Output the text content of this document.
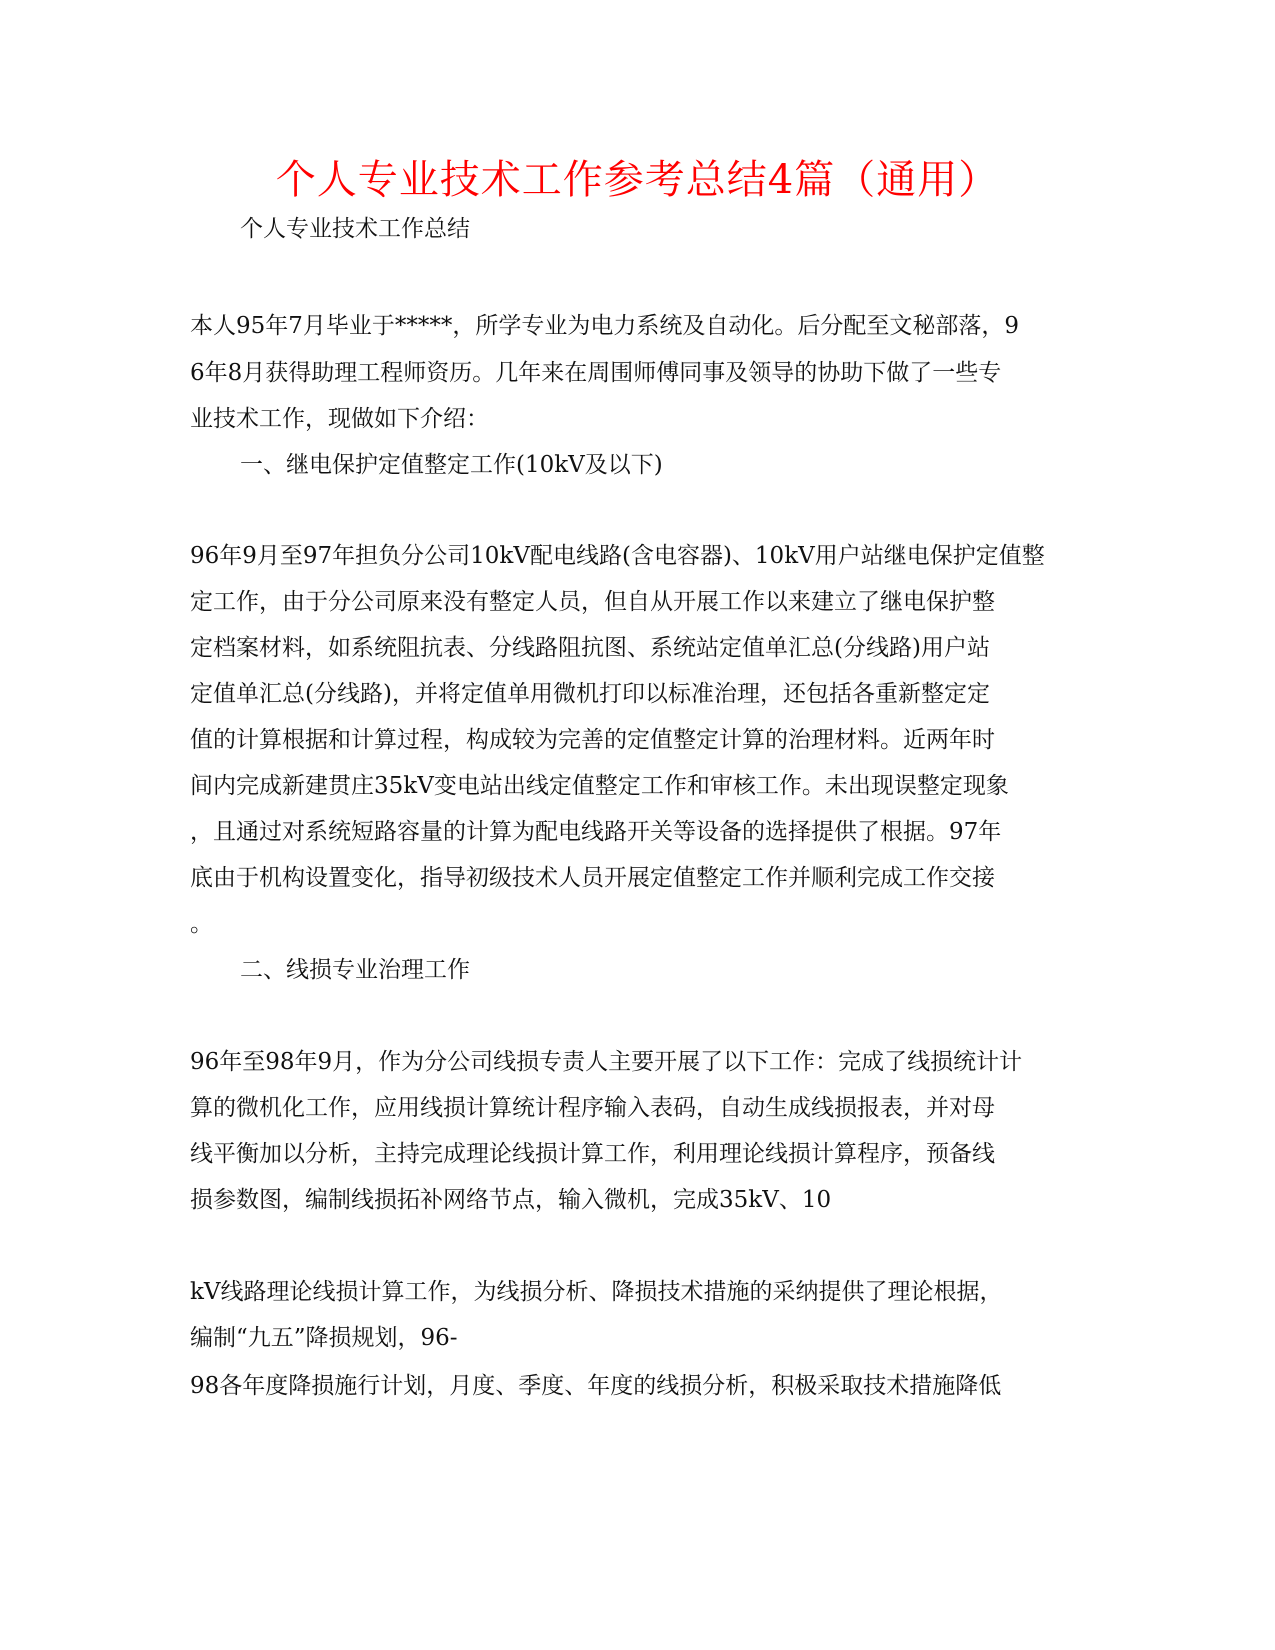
个人专业技术工作参考总结4篇（通用）
个人专业技术工作总结
本人95年7月毕业于*****，所学专业为电力系统及自动化。后分配至文秘部落，9
6年8月获得助理工程师资历。几年来在周围师傅同事及领导的协助下做了一些专
业技术工作，现做如下介绍：
一、继电保护定值整定工作(10kV及以下)
96年9月至97年担负分公司10kV配电线路(含电容器)、10kV用户站继电保护定值整
定工作，由于分公司原来没有整定人员，但自从开展工作以来建立了继电保护整
定档案材料，如系统阻抗表、分线路阻抗图、系统站定值单汇总(分线路)用户站
定值单汇总(分线路)，并将定值单用微机打印以标准治理，还包括各重新整定定
值的计算根据和计算过程，构成较为完善的定值整定计算的治理材料。近两年时
间内完成新建贯庄35kV变电站出线定值整定工作和审核工作。未出现误整定现象
，且通过对系统短路容量的计算为配电线路开关等设备的选择提供了根据。97年
底由于机构设置变化，指导初级技术人员开展定值整定工作并顺利完成工作交接
。
二、线损专业治理工作
96年至98年9月，作为分公司线损专责人主要开展了以下工作：完成了线损统计计
算的微机化工作，应用线损计算统计程序输入表码，自动生成线损报表，并对母
线平衡加以分析，主持完成理论线损计算工作，利用理论线损计算程序，预备线
损参数图，编制线损拓补网络节点，输入微机，完成35kV、10
kV线路理论线损计算工作，为线损分析、降损技术措施的采纳提供了理论根据，
编制“九五”降损规划，96-
98各年度降损施行计划，月度、季度、年度的线损分析，积极采取技术措施降低
